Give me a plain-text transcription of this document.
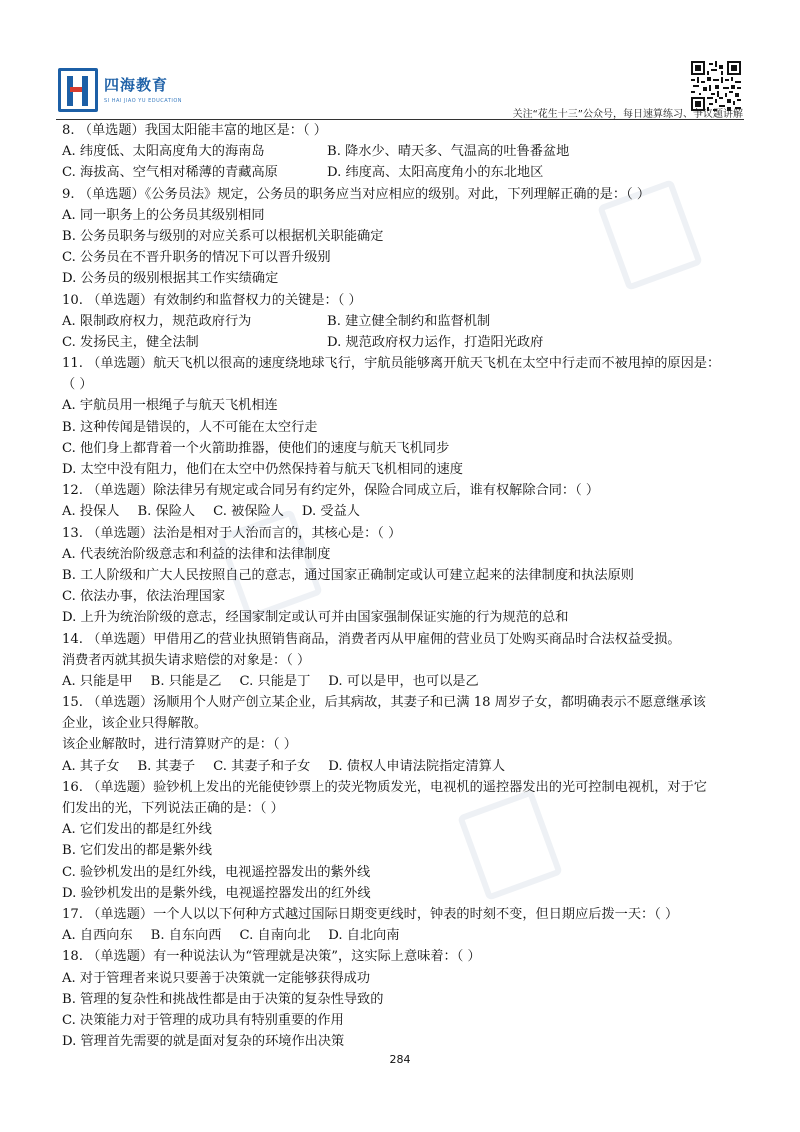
四海教育
SI HAI JIAO YU EDUCATION
关注“花生十三”公众号，每日速算练习、争议题讲解
8. （单选题）我国太阳能丰富的地区是：（ ）
A. 纬度低、太阳高度角大的海南岛	B. 降水少、晴天多、气温高的吐鲁番盆地
C. 海拔高、空气相对稀薄的青藏高原	D. 纬度高、太阳高度角小的东北地区
9. （单选题）《公务员法》规定，公务员的职务应当对应相应的级别。对此，下列理解正确的是：（ ）
A. 同一职务上的公务员其级别相同
B. 公务员职务与级别的对应关系可以根据机关职能确定
C. 公务员在不晋升职务的情况下可以晋升级别
D. 公务员的级别根据其工作实绩确定
10. （单选题）有效制约和监督权力的关键是：（ ）
A. 限制政府权力，规范政府行为	B. 建立健全制约和监督机制
C. 发扬民主，健全法制	D. 规范政府权力运作，打造阳光政府
11. （单选题）航天飞机以很高的速度绕地球飞行，宇航员能够离开航天飞机在太空中行走而不被甩掉的原因是：
（ ）
A. 宇航员用一根绳子与航天飞机相连
B. 这种传闻是错误的，人不可能在太空行走
C. 他们身上都背着一个火箭助推器，使他们的速度与航天飞机同步
D. 太空中没有阻力，他们在太空中仍然保持着与航天飞机相同的速度
12. （单选题）除法律另有规定或合同另有约定外，保险合同成立后，谁有权解除合同：（ ）
A. 投保人 B. 保险人 C. 被保险人 D. 受益人
13. （单选题）法治是相对于人治而言的，其核心是：（ ）
A. 代表统治阶级意志和利益的法律和法律制度
B. 工人阶级和广大人民按照自己的意志，通过国家正确制定或认可建立起来的法律制度和执法原则
C. 依法办事，依法治理国家
D. 上升为统治阶级的意志，经国家制定或认可并由国家强制保证实施的行为规范的总和
14. （单选题）甲借用乙的营业执照销售商品，消费者丙从甲雇佣的营业员丁处购买商品时合法权益受损。
消费者丙就其损失请求赔偿的对象是：（ ）
A. 只能是甲 B. 只能是乙 C. 只能是丁 D. 可以是甲，也可以是乙
15. （单选题）汤顺用个人财产创立某企业，后其病故，其妻子和已满 18 周岁子女，都明确表示不愿意继承该
企业，该企业只得解散。
该企业解散时，进行清算财产的是：（ ）
A. 其子女 B. 其妻子 C. 其妻子和子女 D. 债权人申请法院指定清算人
16. （单选题）验钞机上发出的光能使钞票上的荧光物质发光，电视机的遥控器发出的光可控制电视机，对于它
们发出的光，下列说法正确的是：（ ）
A. 它们发出的都是红外线
B. 它们发出的都是紫外线
C. 验钞机发出的是红外线，电视遥控器发出的紫外线
D. 验钞机发出的是紫外线，电视遥控器发出的红外线
17. （单选题）一个人以以下何种方式越过国际日期变更线时，钟表的时刻不变，但日期应后拨一天：（ ）
A. 自西向东 B. 自东向西 C. 自南向北 D. 自北向南
18. （单选题）有一种说法认为“管理就是决策”，这实际上意味着：（ ）
A. 对于管理者来说只要善于决策就一定能够获得成功
B. 管理的复杂性和挑战性都是由于决策的复杂性导致的
C. 决策能力对于管理的成功具有特别重要的作用
D. 管理首先需要的就是面对复杂的环境作出决策
284
